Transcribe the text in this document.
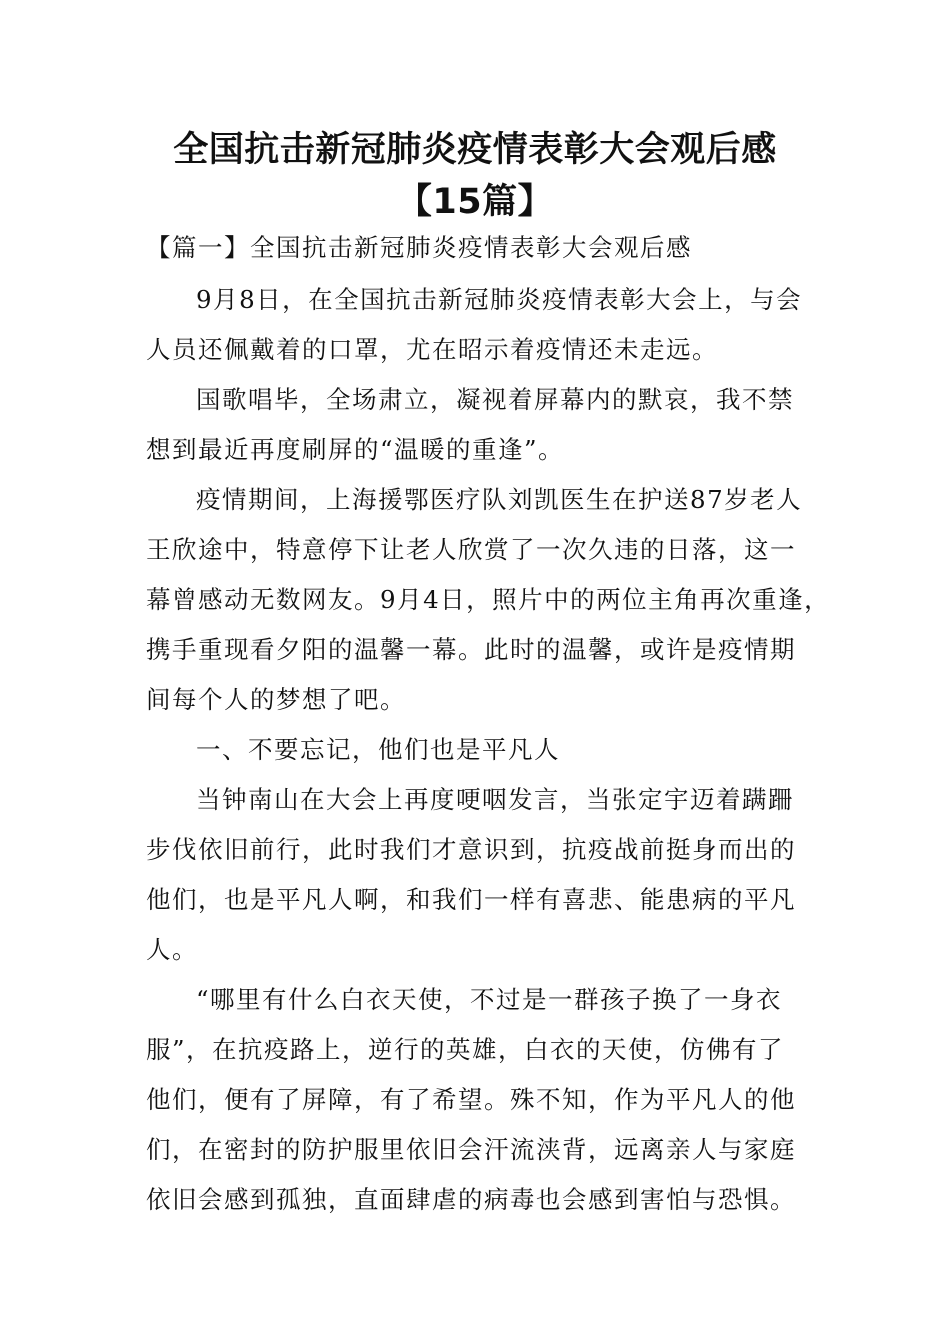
全国抗击新冠肺炎疫情表彰大会观后感
【15篇】
【篇一】全国抗击新冠肺炎疫情表彰大会观后感
9月8日，在全国抗击新冠肺炎疫情表彰大会上，与会
人员还佩戴着的口罩，尤在昭示着疫情还未走远。
国歌唱毕，全场肃立，凝视着屏幕内的默哀，我不禁
想到最近再度刷屏的“温暖的重逢”。
疫情期间，上海援鄂医疗队刘凯医生在护送87岁老人
王欣途中，特意停下让老人欣赏了一次久违的日落，这一
幕曾感动无数网友。9月4日，照片中的两位主角再次重逢，
携手重现看夕阳的温馨一幕。此时的温馨，或许是疫情期
间每个人的梦想了吧。
一、不要忘记，他们也是平凡人
当钟南山在大会上再度哽咽发言，当张定宇迈着蹒跚
步伐依旧前行，此时我们才意识到，抗疫战前挺身而出的
他们，也是平凡人啊，和我们一样有喜悲、能患病的平凡
人。
“哪里有什么白衣天使，不过是一群孩子换了一身衣
服”，在抗疫路上，逆行的英雄，白衣的天使，仿佛有了
他们，便有了屏障，有了希望。殊不知，作为平凡人的他
们，在密封的防护服里依旧会汗流浃背，远离亲人与家庭
依旧会感到孤独，直面肆虐的病毒也会感到害怕与恐惧。
